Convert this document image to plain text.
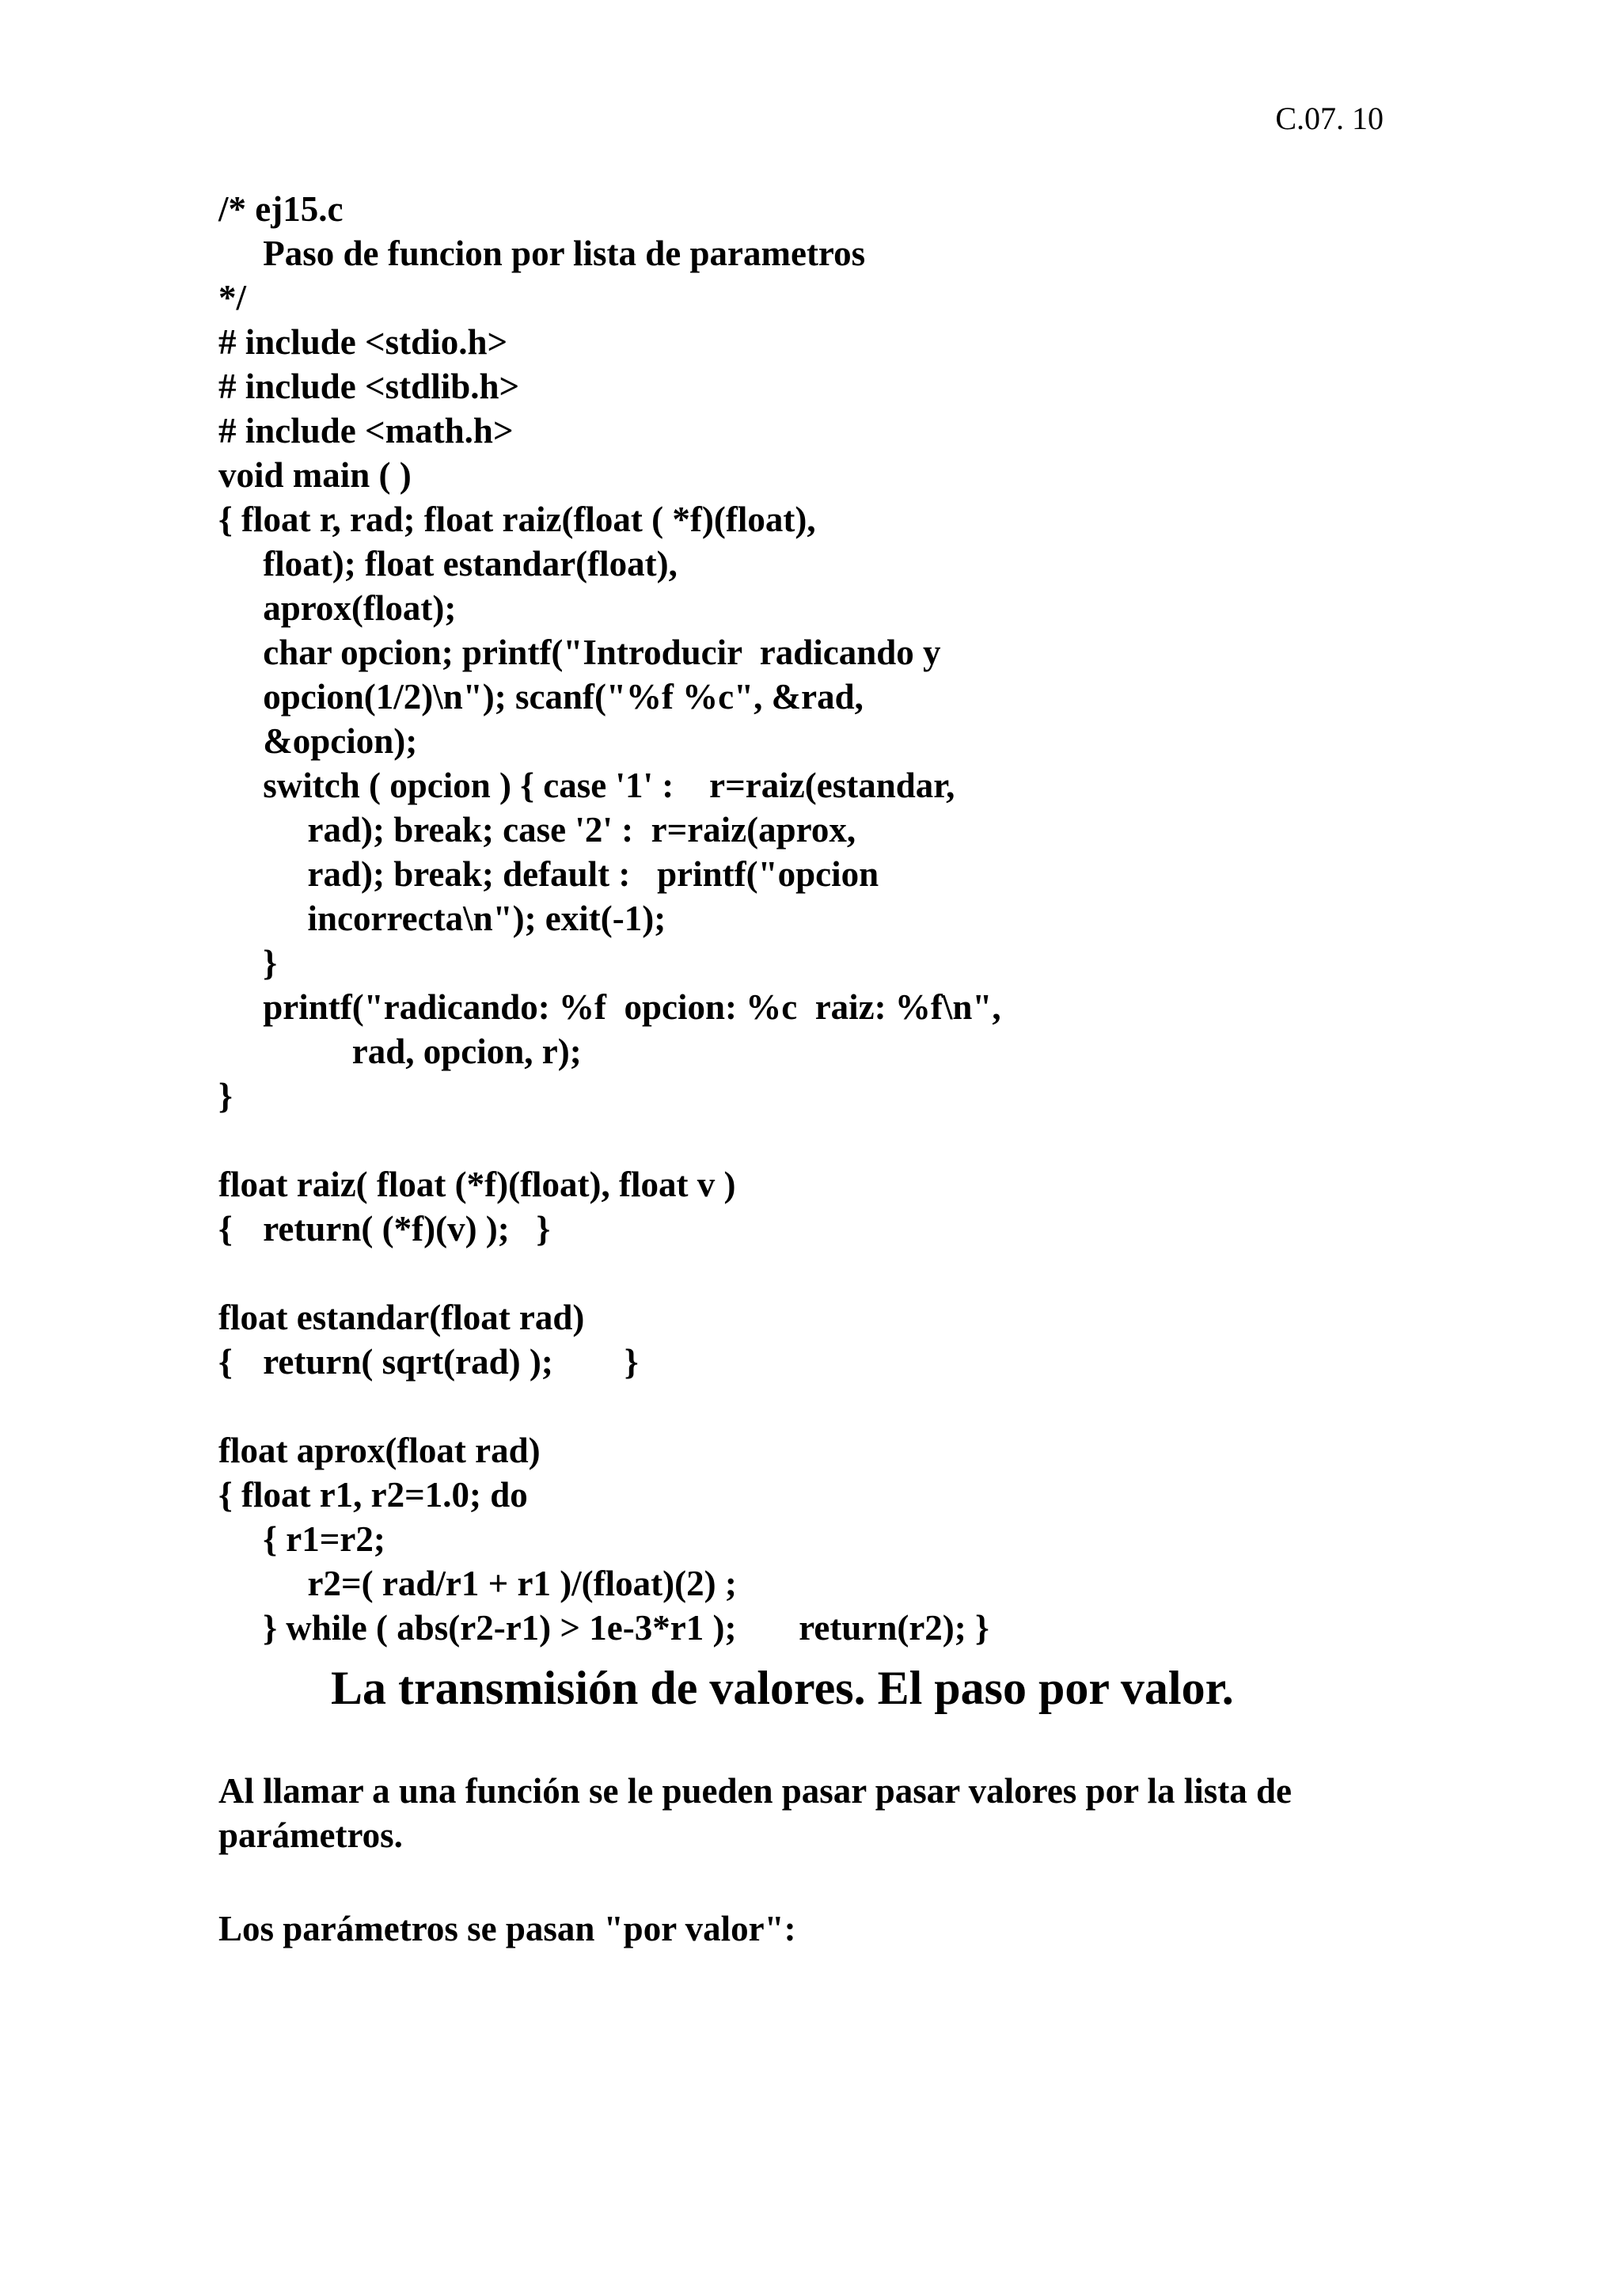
C.07. 10
/* ej15.c
	Paso de funcion por lista de parametros
*/
# include <stdio.h>
# include <stdlib.h>
# include <math.h>
void main ( )
{ float r, rad; float raiz(float ( *f)(float),
	float); float estandar(float),
	aprox(float);
	char opcion; printf("Introducir  radicando y
	opcion(1/2)\n"); scanf("%f %c", &rad,
	&opcion);
	switch ( opcion ) { case '1' :    r=raiz(estandar,
		rad); break; case '2' :  r=raiz(aprox,
		rad); break; default :   printf("opcion
		incorrecta\n"); exit(-1);
	}
	printf("radicando: %f  opcion: %c  raiz: %f\n",
			rad, opcion, r);
}
float raiz( float (*f)(float), float v )
{	return( (*f)(v) );   }
float estandar(float rad)
{	return( sqrt(rad) );        }
float aprox(float rad)
{ float r1, r2=1.0; do
	{ r1=r2;
		r2=( rad/r1 + r1 )/(float)(2) ;
	} while ( abs(r2-r1) > 1e-3*r1 );       return(r2); }
La transmisión de valores. El paso por valor.
Al llamar a una función se le pueden pasar pasar valores por la lista de parámetros.
Los parámetros se pasan "por valor":
